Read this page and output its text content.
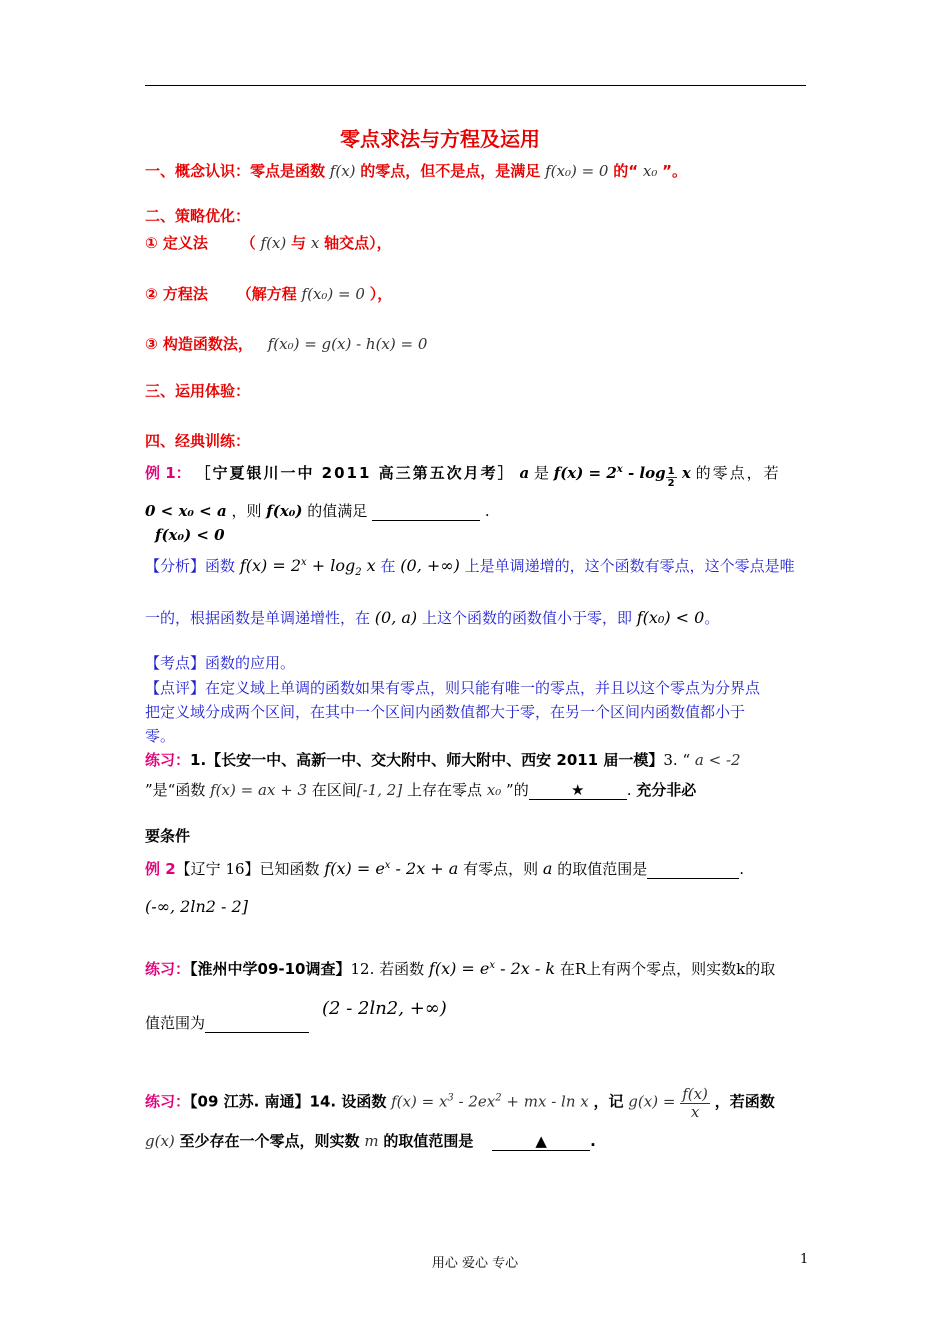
零点求法与方程及运用
一、概念认识：零点是函数 f(x) 的零点，但不是点，是满足 f(x₀) = 0 的“ x₀ ”。
二、策略优化：
① 定义法 （ f(x) 与 x 轴交点），
② 方程法 （解方程 f(x₀) = 0 ），
③ 构造函数法， f(x₀) = g(x) - h(x) = 0
三、运用体验：
四、经典训练：
例 1： ［宁夏银川一中 2011 高三第五次月考］ a 是 $f(x) = 2^x - \log \frac{1}{2}$ x 的零点，若
0 < x₀ < a ，则 f(x₀) 的值满足	.
f(x₀) < 0
【分析】函数 $f(x) = 2^x + \log_2 x$ 在 (0, +∞) 上是单调递增的，这个函数有零点，这个零点是唯
一的，根据函数是单调递增性，在 (0, a) 上这个函数的函数值小于零，即 f(x₀) < 0。
【考点】函数的应用。
【点评】在定义域上单调的函数如果有零点，则只能有唯一的零点，并且以这个零点为分界点
把定义域分成两个区间，在其中一个区间内函数值都大于零，在另一个区间内函数值都小于
零。
练习：1.【长安一中、高新一中、交大附中、师大附中、西安 2011 届一模】3. “ a < -2
”是“函数 f(x) = ax + 3 在区间[-1, 2] 上存在零点 x₀ ”的	★	. 充分非必
要条件
例 2【辽宁 16】已知函数 $f(x) = e^x - 2x + a$ 有零点，则 a 的取值范围是	.
(-∞, 2ln2 - 2]
练习：【淮州中学09-10调查】12. 若函数 $f(x) = e^x - 2x - k$ 在R上有两个零点，则实数k的取
值范围为
(2 - 2ln2, +∞)
练习：【09 江苏. 南通】14. 设函数 $f(x) = x^3 - 2ex^2$ + mx - ln x ，记 $g(x) = \frac{f(x)}{x}$ ，若函数
g(x) 至少存在一个零点，则实数 m 的取值范围是	▲	.
用心 爱心 专心	1
